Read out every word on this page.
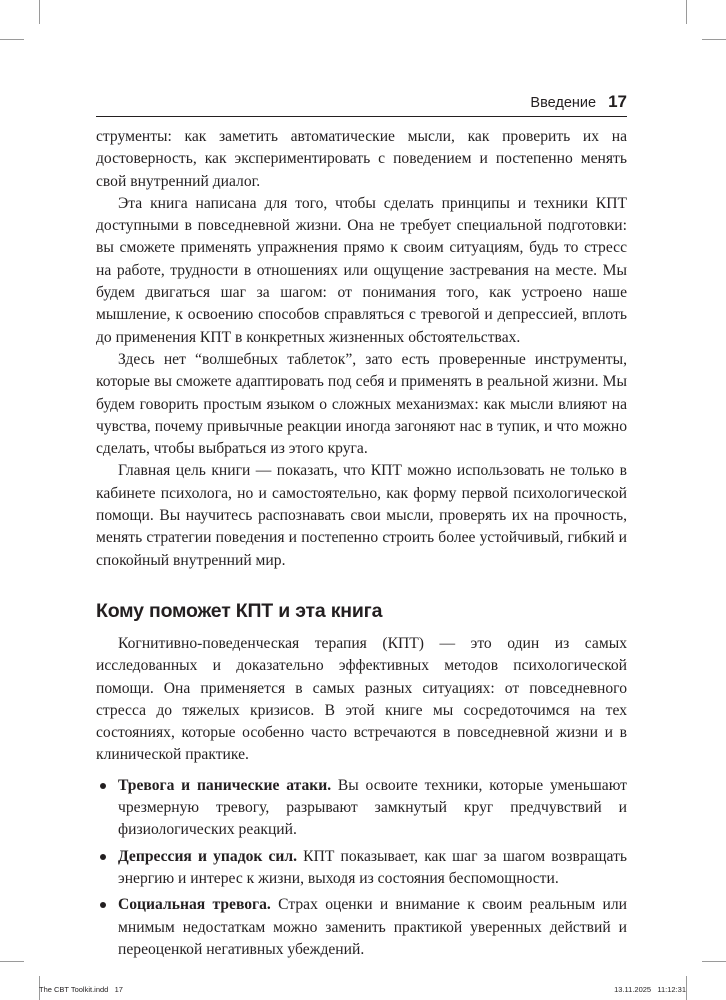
Введение 17

струменты: как заметить автоматические мысли, как проверить их на достоверность, как экспериментировать с поведением и постепенно менять свой внутренний диалог.

Эта книга написана для того, чтобы сделать принципы и техники КПТ доступными в повседневной жизни. Она не требует специальной подготовки: вы сможете применять упражнения прямо к своим ситуациям, будь то стресс на работе, трудности в отношениях или ощущение застревания на месте. Мы будем двигаться шаг за шагом: от понимания того, как устроено наше мышление, к освоению способов справляться с тревогой и депрессией, вплоть до применения КПТ в конкретных жизненных обстоятельствах.

Здесь нет “волшебных таблеток”, зато есть проверенные инструменты, которые вы сможете адаптировать под себя и применять в реальной жизни. Мы будем говорить простым языком о сложных механизмах: как мысли влияют на чувства, почему привычные реакции иногда загоняют нас в тупик, и что можно сделать, чтобы выбраться из этого круга.

Главная цель книги — показать, что КПТ можно использовать не только в кабинете психолога, но и самостоятельно, как форму первой психологической помощи. Вы научитесь распознавать свои мысли, проверять их на прочность, менять стратегии поведения и постепенно строить более устойчивый, гибкий и спокойный внутренний мир.

Кому поможет КПТ и эта книга

Когнитивно-поведенческая терапия (КПТ) — это один из самых исследованных и доказательно эффективных методов психологической помощи. Она применяется в самых разных ситуациях: от повседневного стресса до тяжелых кризисов. В этой книге мы сосредоточимся на тех состояниях, которые особенно часто встречаются в повседневной жизни и в клинической практике.

Тревога и панические атаки. Вы освоите техники, которые уменьшают чрезмерную тревогу, разрывают замкнутый круг предчувствий и физиологических реакций.
Депрессия и упадок сил. КПТ показывает, как шаг за шагом возвращать энергию и интерес к жизни, выходя из состояния беспомощности.
Социальная тревога. Страх оценки и внимание к своим реальным или мнимым недостаткам можно заменить практикой уверенных действий и переоценкой негативных убеждений.
The CBT Toolkit.indd   17	13.11.2025   11:12:31
